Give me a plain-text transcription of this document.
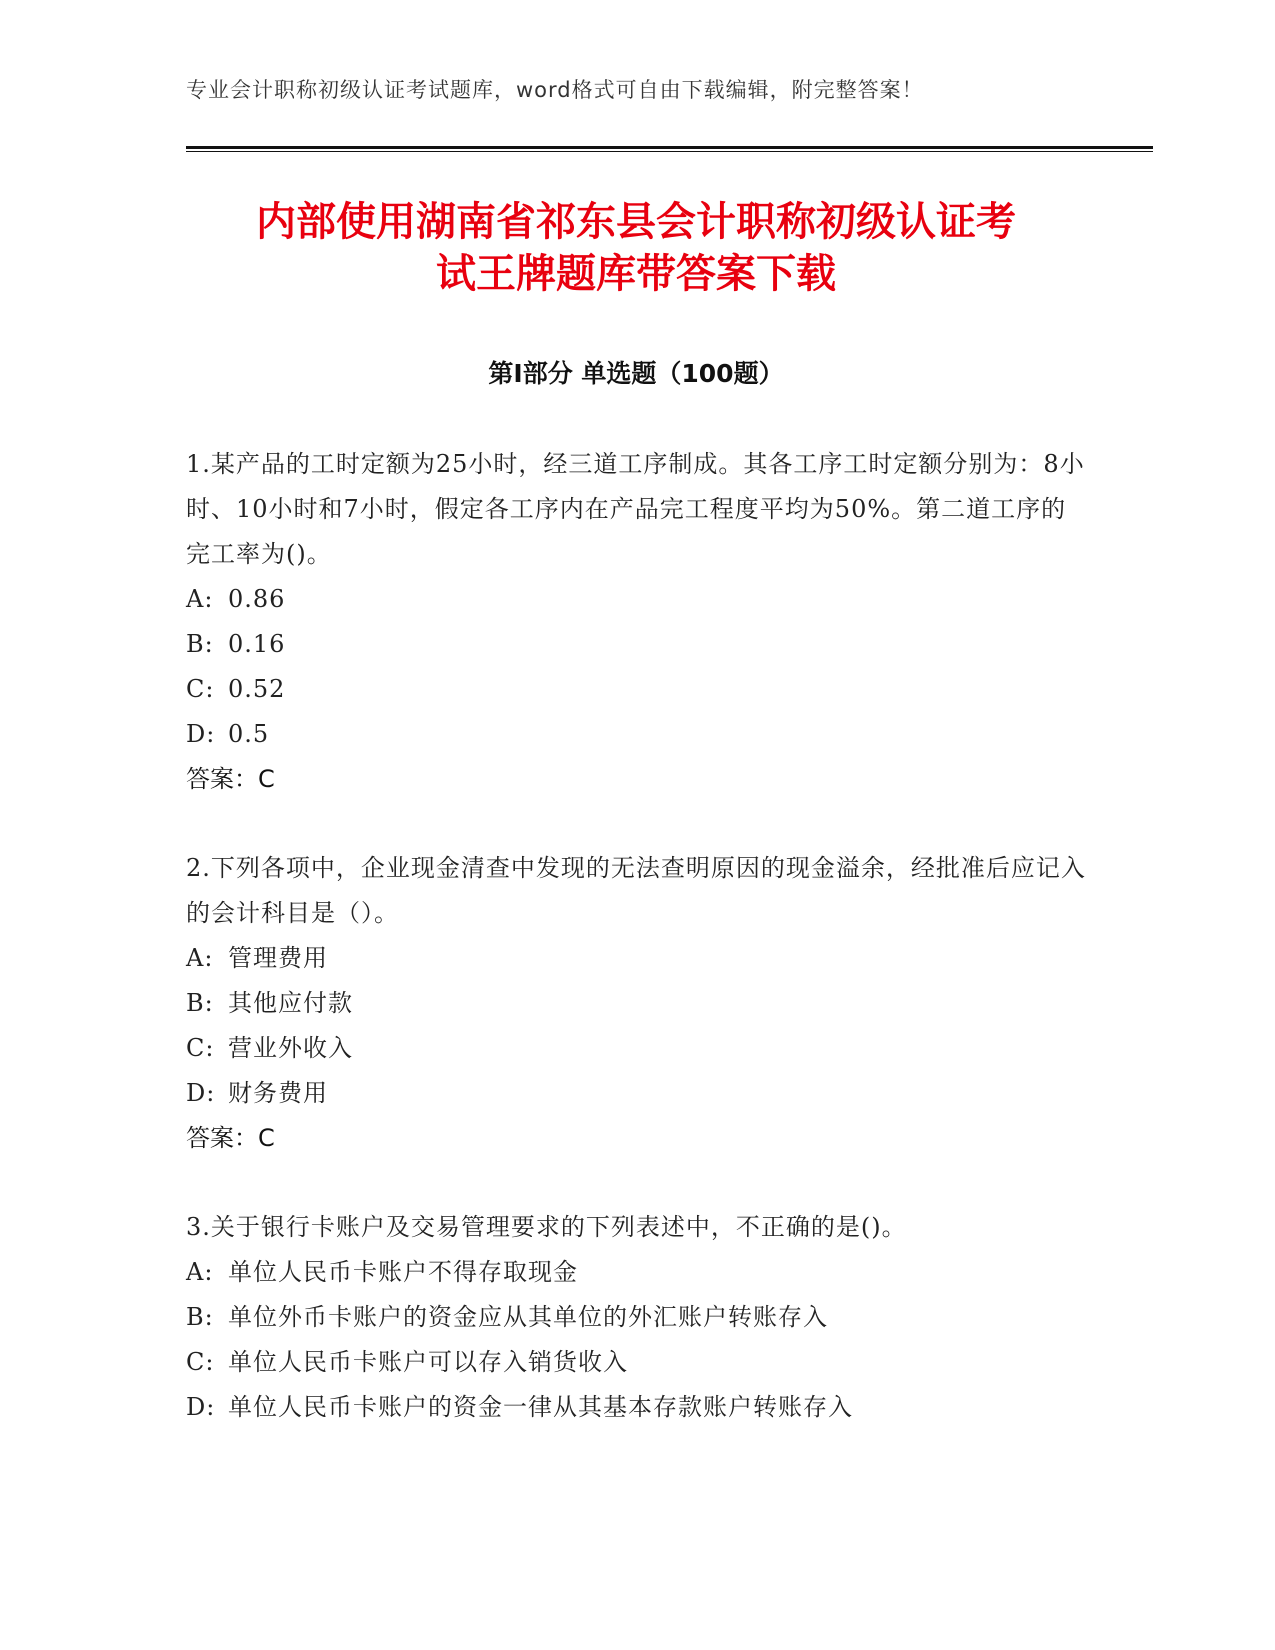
专业会计职称初级认证考试题库，word格式可自由下载编辑，附完整答案！
内部使用湖南省祁东县会计职称初级认证考
试王牌题库带答案下载
第Ⅰ部分 单选题（100题）

1.某产品的工时定额为25小时，经三道工序制成。其各工序工时定额分别为：8小时、10小时和7小时，假定各工序内在产品完工程度平均为50%。第二道工序的完工率为()。

A: 0.86
B: 0.16
C: 0.52
D: 0.5
答案：C

2.下列各项中，企业现金清查中发现的无法查明原因的现金溢余，经批准后应记入的会计科目是（）。

A: 管理费用
B: 其他应付款
C: 营业外收入
D: 财务费用
答案：C

3.关于银行卡账户及交易管理要求的下列表述中，不正确的是()。

A: 单位人民币卡账户不得存取现金
B: 单位外币卡账户的资金应从其单位的外汇账户转账存入
C: 单位人民币卡账户可以存入销货收入
D: 单位人民币卡账户的资金一律从其基本存款账户转账存入
